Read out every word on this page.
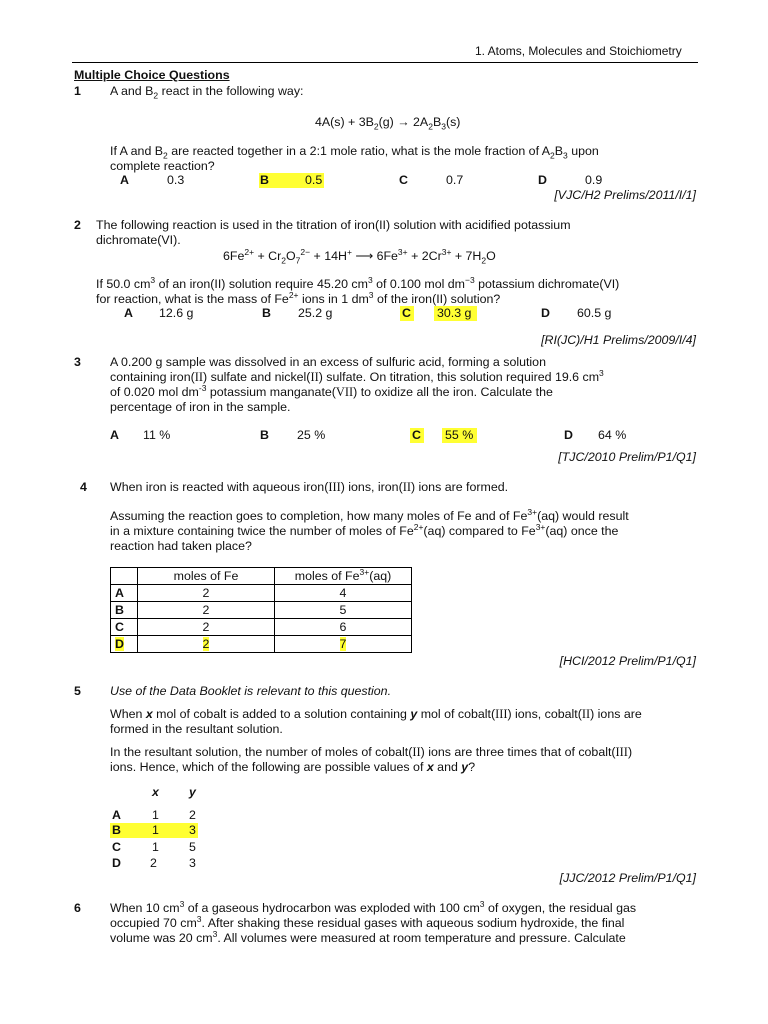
1. Atoms, Molecules and Stoichiometry
Multiple Choice Questions
1 A and $B_2$ react in the following way:
$4A(s) + 3B_2(g) \to 2A_2B_3(s)$
If A and $B_2$ are reacted together in a 2:1 mole ratio, what is the mole fraction of $A_2B_3$ upon
complete reaction?
A	0.3	B	0.5	C	0.7	D	0.9
[VJC/H2 Prelims/2011/I/1]
2 The following reaction is used in the titration of iron(II) solution with acidified potassium
dichromate(VI).
$6Fe^{2+} + Cr_2O_7^{2-} + 14H^+$ ⟶ $6Fe^{3+} + 2Cr^{3+} + 7H_2O$
If 50.0 $cm^3$ of an iron(II) solution require 45.20 $cm^3$ of 0.100 mol $dm^{-3}$ potassium dichromate(VI)
for reaction, what is the mass of $Fe^{2+}$ ions in 1 $dm^3$ of the iron(II) solution?
A 12.6 g	B 25.2 g	C 30.3 g	D 60.5 g
[RI(JC)/H1 Prelims/2009/I/4]
3 A 0.200 g sample was dissolved in an excess of sulfuric acid, forming a solution
containing iron(II) sulfate and nickel(II) sulfate. On titration, this solution required 19.6 $cm^3$
of 0.020 mol $dm^{-3}$ potassium manganate(VII) to oxidize all the iron. Calculate the
percentage of iron in the sample.
A 11 %	B 25 %	C 55 %	D 64 %
[TJC/2010 Prelim/P1/Q1]
4 When iron is reacted with aqueous iron(III) ions, iron(II) ions are formed.
Assuming the reaction goes to completion, how many moles of Fe and of $Fe^{3+}(aq)$ would result
in a mixture containing twice the number of moles of $Fe^{2+}(aq)$ compared to $Fe^{3+}(aq)$ once the
reaction had taken place?
	moles of Fe	moles of $Fe^{3+}(aq)$
A	2	4
B	2	5
C	2	6
D	2	7
[HCI/2012 Prelim/P1/Q1]
5 Use of the Data Booklet is relevant to this question.
When x mol of cobalt is added to a solution containing y mol of cobalt(III) ions, cobalt(II) ions are
formed in the resultant solution.
In the resultant solution, the number of moles of cobalt(II) ions are three times that of cobalt(III)
ions. Hence, which of the following are possible values of x and y?
x y
A	1 2
B	1 3
C	1 5
D 2	3
[JJC/2012 Prelim/P1/Q1]
6 When 10 $cm^3$ of a gaseous hydrocarbon was exploded with 100 $cm^3$ of oxygen, the residual gas
occupied 70 $cm^3$. After shaking these residual gases with aqueous sodium hydroxide, the final
volume was 20 $cm^3$. All volumes were measured at room temperature and pressure. Calculate
